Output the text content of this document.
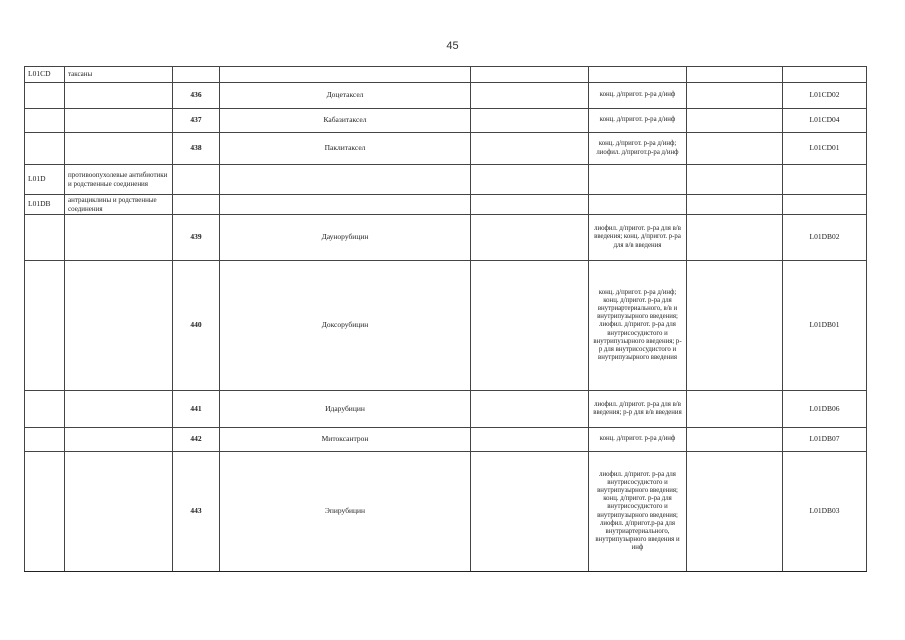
45
L01CD	таксаны						
		436	Доцетаксел		конц. д/пригот. р-ра д/инф		L01CD02
		437	Кабазитаксел		конц. д/пригот. р-ра д/инф		L01CD04
		438	Паклитаксел		конц. д/пригот. р-ра д/инф; лиофил. д/пригот.р-ра д/инф		L01CD01
L01D	противоопухолевые антибиотики и родственные соединения						
L01DB	антрациклины и родственные соединения						
		439	Даунорубицин		лиофил. д/пригот. р-ра для в/в введения; конц. д/пригот. р-ра для в/в введения		L01DB02
		440	Доксорубицин		конц. д/пригот. р-ра д/инф; конц. д/пригот. р-ра для внутриартериального, в/в и внутрипузырного введения; лиофил. д/пригот. р-ра для внутрисосудистого и внутрипузырного введения; р-р для внутрисосудистого и внутрипузырного введения		L01DB01
		441	Идарубицин		лиофил. д/пригот. р-ра для в/в введения; р-р для в/в введения		L01DB06
		442	Митоксантрон		конц. д/пригот. р-ра д/инф		L01DB07
		443	Эпирубицин		лиофил. д/пригот. р-ра для внутрисосудистого и внутрипузырного введения; конц. д/пригот. р-ра для внутрисосудистого и внутрипузырного введения; лиофил. д/пригот.р-ра для внутриартериального, внутрипузырного введения и инф		L01DB03
